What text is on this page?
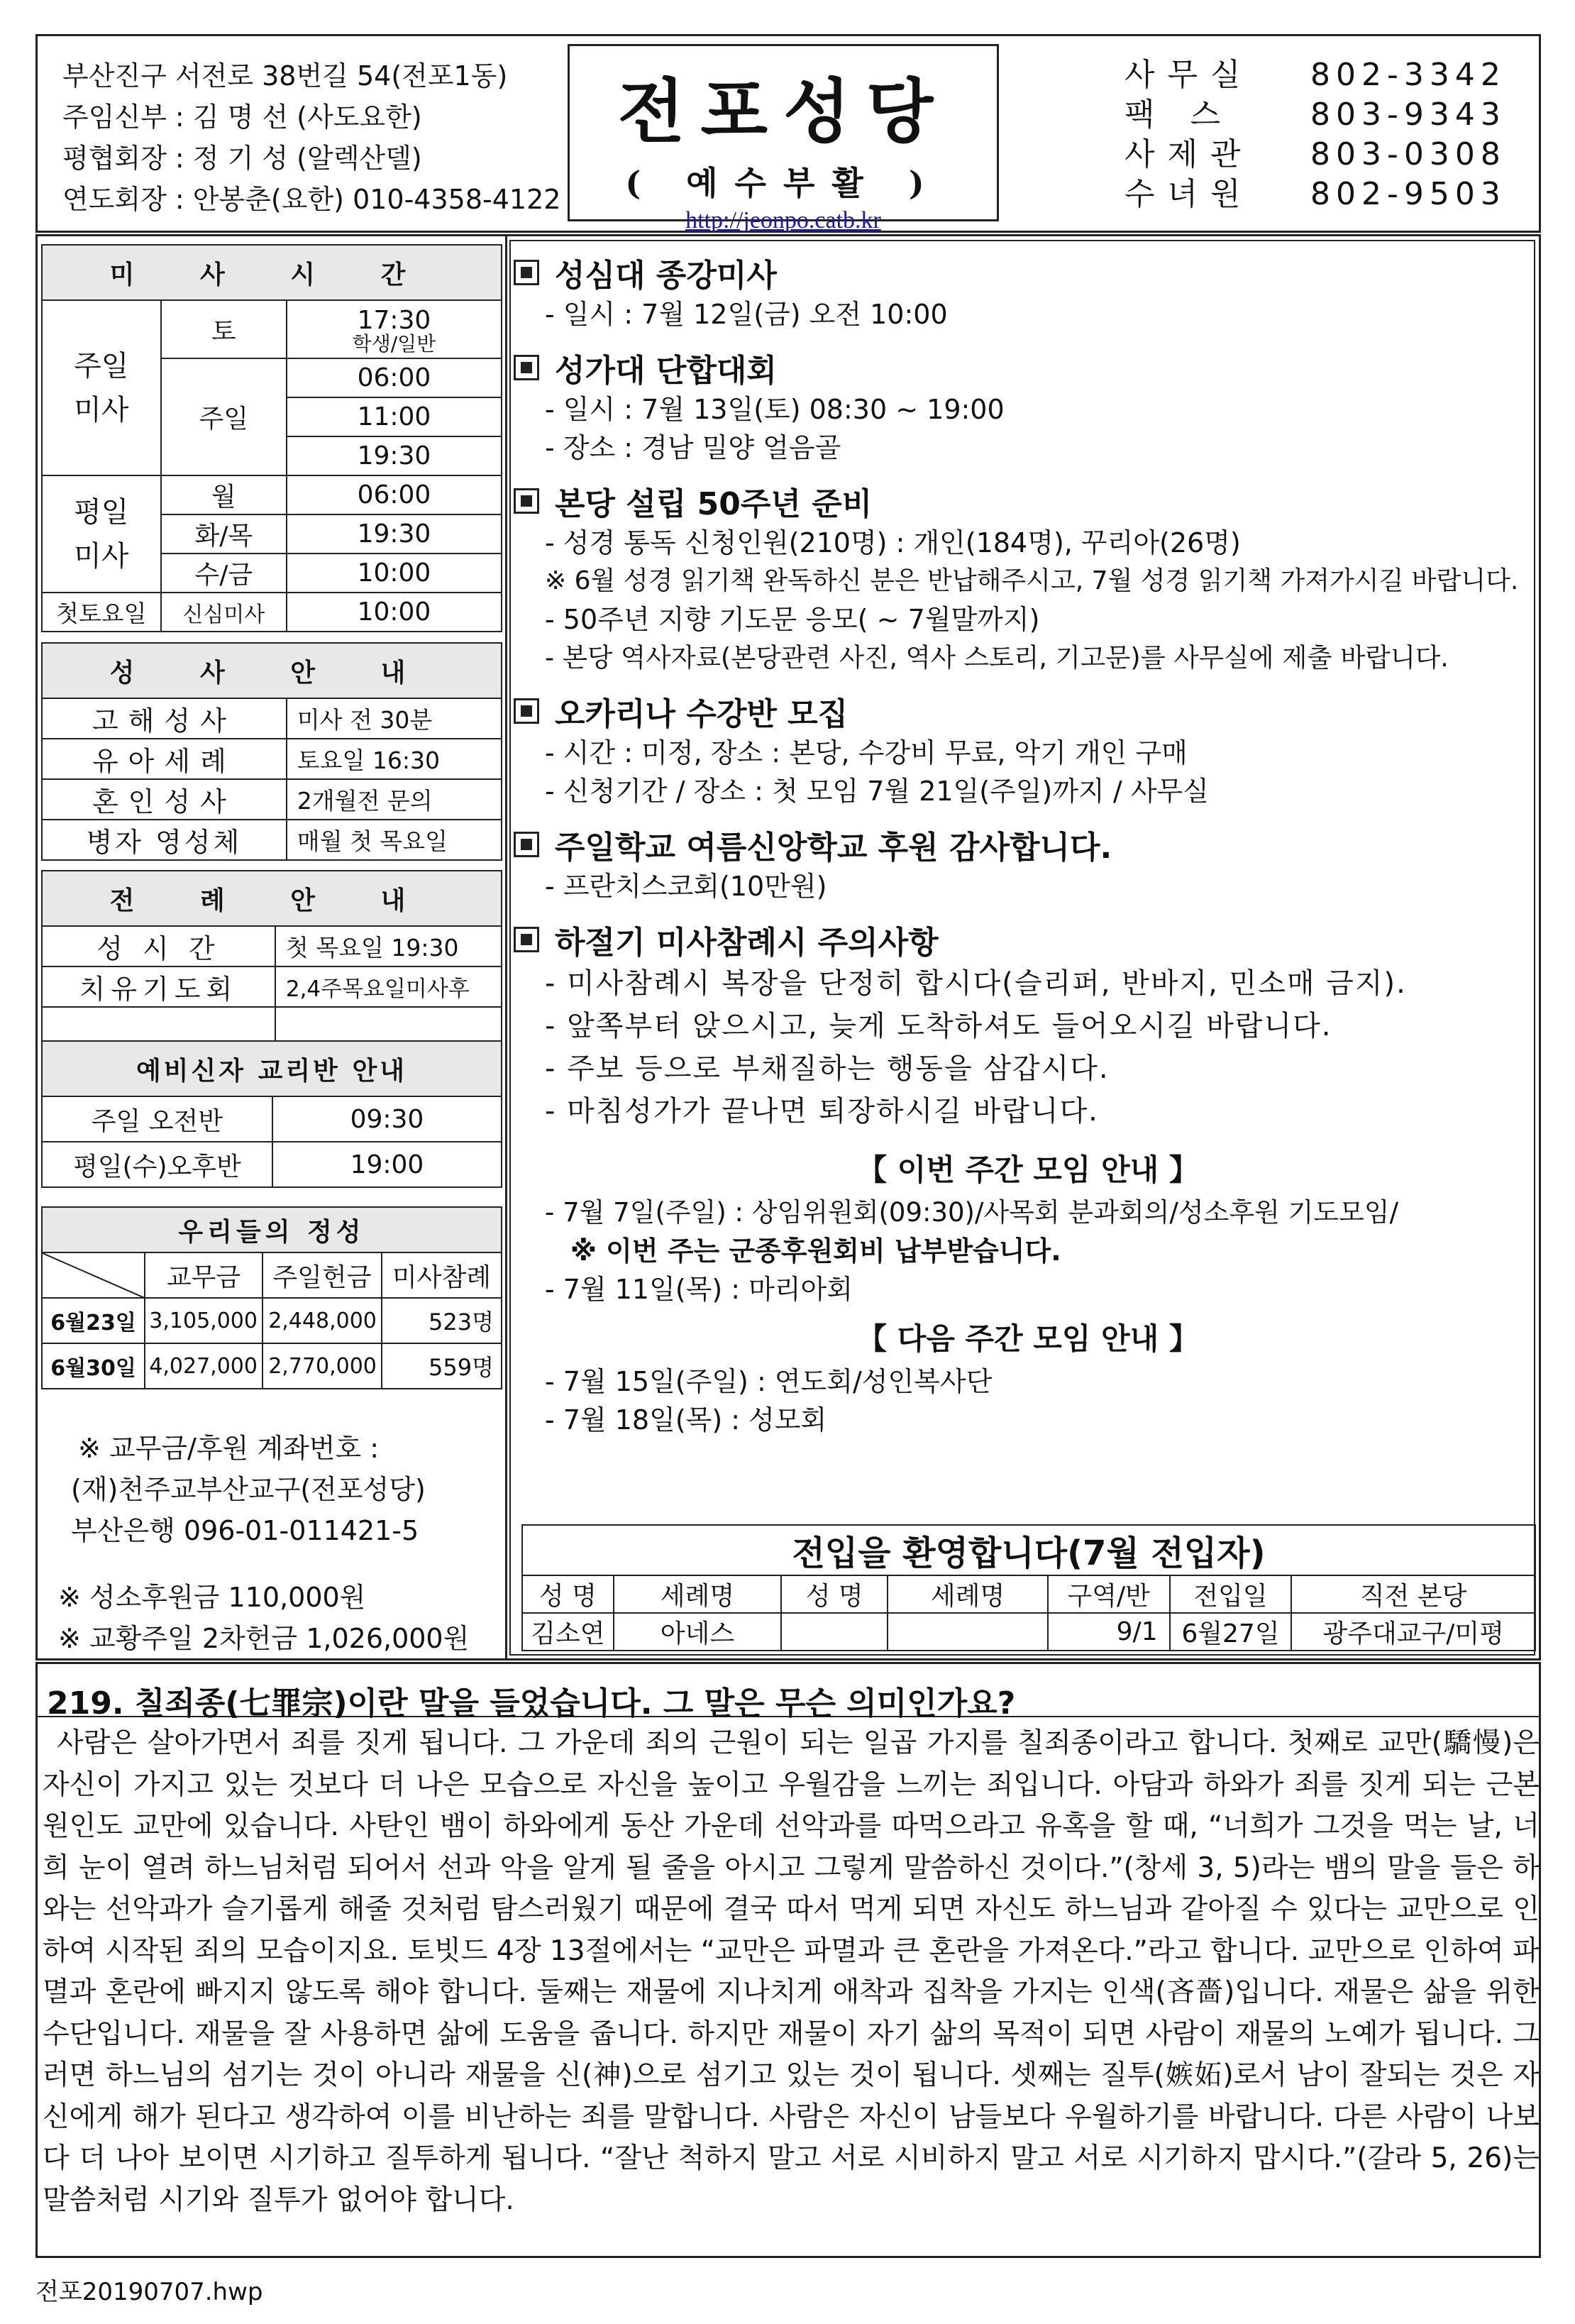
부산진구 서전로 38번길 54(전포1동)
주임신부 : 김 명 선 (사도요한)
평협회장 : 정 기 성 (알렉산델)
연도회장 : 안봉춘(요한) 010-4358-4122
전포성당
( 예수부활 )
http://jeonpo.catb.kr
사무실	802-3342
팩 스	803-9343
사제관	803-0308
수녀원	802-9503
미 사 시 간		

주일미사	토	17:30
학생/일반

	주일	06:00
		11:00
		19:30

평일미사	월	06:00
	화/목	19:30
	수/금	10:00
첫토요일	신심미사	10:00
성 사 안 내	
고해성사	미사 전 30분
유아세례	토요일 16:30
혼인성사	2개월전 문의
병자 영성체	매월 첫 목요일
전 례 안 내	
성 시 간	첫 목요일 19:30
치유기도회	2,4주목요일미사후

예비신자 교리반 안내	
주일 오전반	09:30
평일(수)오후반	19:00
우리들의 정성			

	교무금	주일헌금	미사참례
6월23일	3,105,000	2,448,000	523명
6월30일	4,027,000	2,770,000	559명
※ 교무금/후원 계좌번호 :
(재)천주교부산교구(전포성당)
부산은행 096-01-011421-5
※ 성소후원금 110,000원
※ 교황주일 2차헌금 1,026,000원
성심대 종강미사
- 일시 : 7월 12일(금) 오전 10:00
성가대 단합대회
- 일시 : 7월 13일(토) 08:30 ~ 19:00
- 장소 : 경남 밀양 얼음골
본당 설립 50주년 준비
- 성경 통독 신청인원(210명) : 개인(184명), 꾸리아(26명)
※ 6월 성경 읽기책 완독하신 분은 반납해주시고, 7월 성경 읽기책 가져가시길 바랍니다.
- 50주년 지향 기도문 응모( ~ 7월말까지)
- 본당 역사자료(본당관련 사진, 역사 스토리, 기고문)를 사무실에 제출 바랍니다.
오카리나 수강반 모집
- 시간 : 미정, 장소 : 본당, 수강비 무료, 악기 개인 구매
- 신청기간 / 장소 : 첫 모임 7월 21일(주일)까지 / 사무실
주일학교 여름신앙학교 후원 감사합니다.
- 프란치스코회(10만원)
하절기 미사참례시 주의사항
- 미사참례시 복장을 단정히 합시다(슬리퍼, 반바지, 민소매 금지).
- 앞쪽부터 앉으시고, 늦게 도착하셔도 들어오시길 바랍니다.
- 주보 등으로 부채질하는 행동을 삼갑시다.
- 마침성가가 끝나면 퇴장하시길 바랍니다.
【 이번 주간 모임 안내 】
- 7월 7일(주일) : 상임위원회(09:30)/사목회 분과회의/성소후원 기도모임/
※ 이번 주는 군종후원회비 납부받습니다.
- 7월 11일(목) : 마리아회
【 다음 주간 모임 안내 】
- 7월 15일(주일) : 연도회/성인복사단
- 7월 18일(목) : 성모회
전입을 환영합니다(7월 전입자)						
성 명	세례명	성 명	세례명	구역/반	전입일	직전 본당
김소연	아네스			9/1	6월27일	광주대교구/미평
219. 칠죄종(七罪宗)이란 말을 들었습니다. 그 말은 무슨 의미인가요?
사람은 살아가면서 죄를 짓게 됩니다. 그 가운데 죄의 근원이 되는 일곱 가지를 칠죄종이라고 합니다. 첫째로 교만(驕慢)은 자신이 가지고 있는 것보다 더 나은 모습으로 자신을 높이고 우월감을 느끼는 죄입니다. 아담과 하와가 죄를 짓게 되는 근본 원인도 교만에 있습니다. 사탄인 뱀이 하와에게 동산 가운데 선악과를 따먹으라고 유혹을 할 때, “너희가 그것을 먹는 날, 너희 눈이 열려 하느님처럼 되어서 선과 악을 알게 될 줄을 아시고 그렇게 말씀하신 것이다.”(창세 3, 5)라는 뱀의 말을 들은 하와는 선악과가 슬기롭게 해줄 것처럼 탐스러웠기 때문에 결국 따서 먹게 되면 자신도 하느님과 같아질 수 있다는 교만으로 인하여 시작된 죄의 모습이지요. 토빗드 4장 13절에서는 “교만은 파멸과 큰 혼란을 가져온다.”라고 합니다. 교만으로 인하여 파멸과 혼란에 빠지지 않도록 해야 합니다. 둘째는 재물에 지나치게 애착과 집착을 가지는 인색(吝嗇)입니다. 재물은 삶을 위한 수단입니다. 재물을 잘 사용하면 삶에 도움을 줍니다. 하지만 재물이 자기 삶의 목적이 되면 사람이 재물의 노예가 됩니다. 그러면 하느님의 섬기는 것이 아니라 재물을 신(神)으로 섬기고 있는 것이 됩니다. 셋째는 질투(嫉妬)로서 남이 잘되는 것은 자신에게 해가 된다고 생각하여 이를 비난하는 죄를 말합니다. 사람은 자신이 남들보다 우월하기를 바랍니다. 다른 사람이 나보다 더 나아 보이면 시기하고 질투하게 됩니다. “잘난 척하지 말고 서로 시비하지 말고 서로 시기하지 맙시다.”(갈라 5, 26)는 말씀처럼 시기와 질투가 없어야 합니다.
전포20190707.hwp
